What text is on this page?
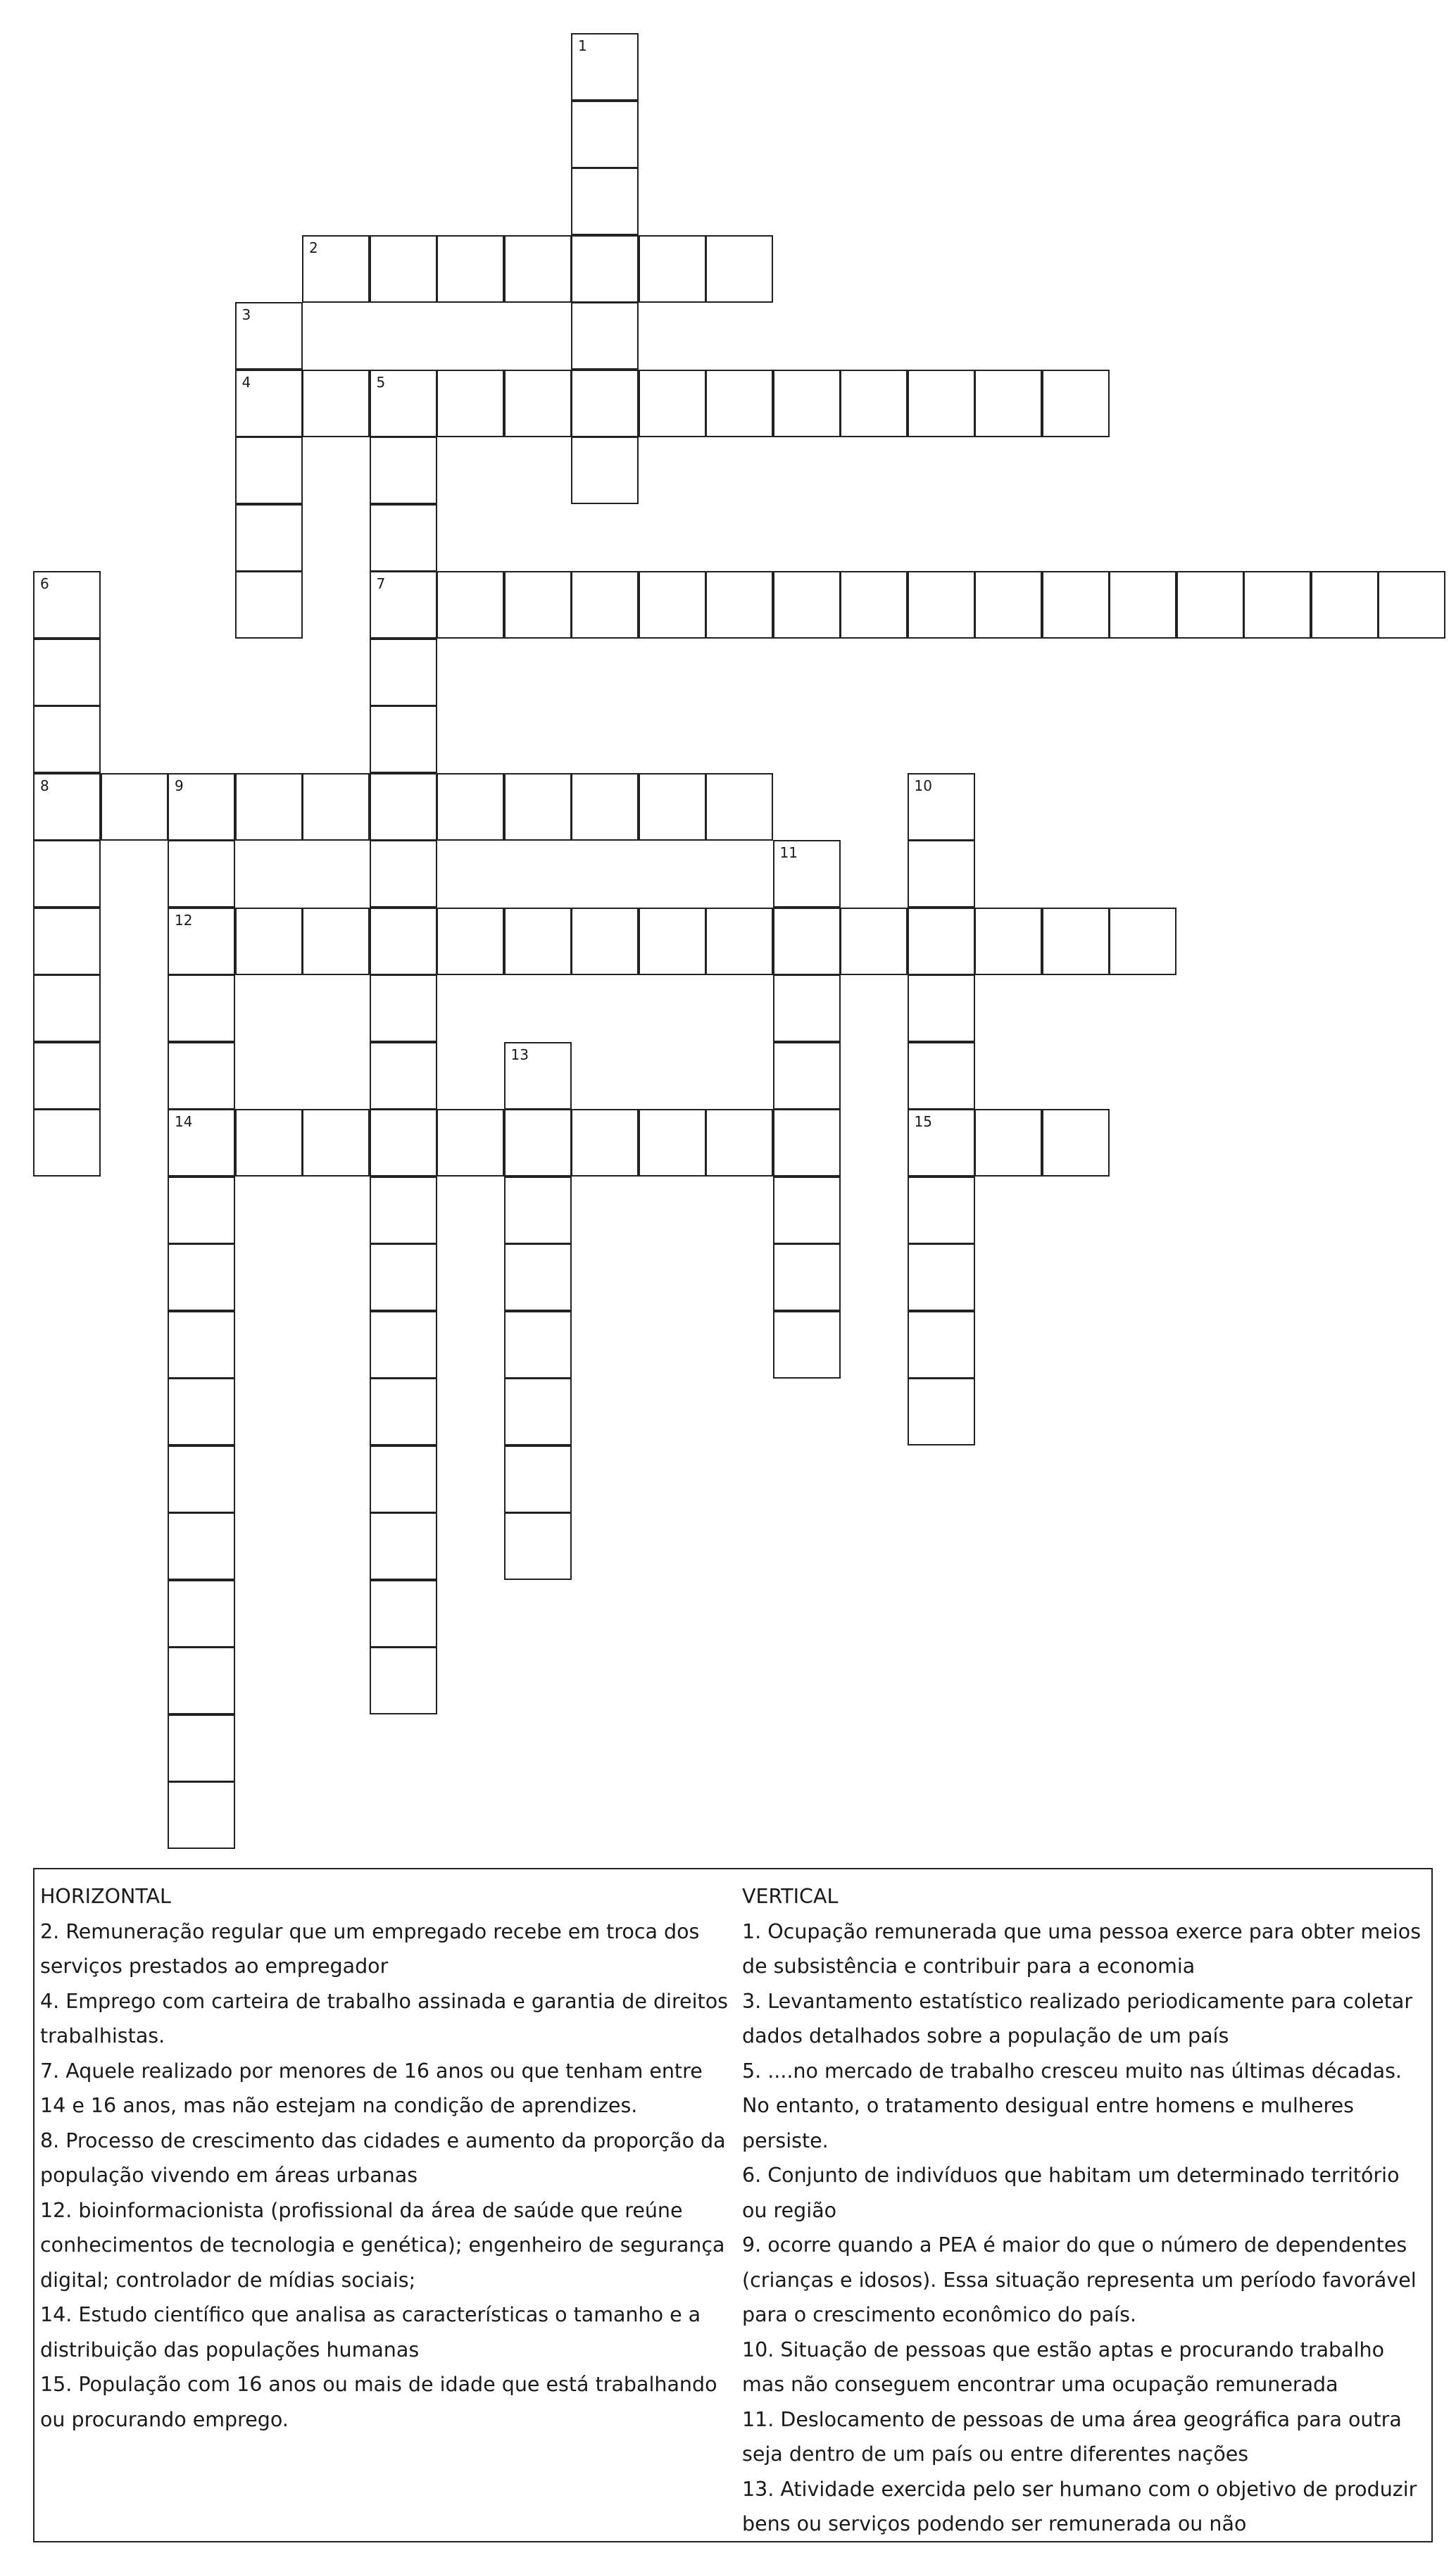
1
2
3
4	5
7
6
8	9
12
14
10
15
11
13
HORIZONTAL
2. Remuneração regular que um empregado recebe em troca dos serviços prestados ao empregador
4. Emprego com carteira de trabalho assinada e garantia de direitos trabalhistas.
7. Aquele realizado por menores de 16 anos ou que tenham entre 14 e 16 anos, mas não estejam na condição de aprendizes.
8. Processo de crescimento das cidades e aumento da proporção da população vivendo em áreas urbanas
12. bioinformacionista (profissional da área de saúde que reúne conhecimentos de tecnologia e genética); engenheiro de segurança digital; controlador de mídias sociais;
14. Estudo científico que analisa as características o tamanho e a distribuição das populações humanas
15. População com 16 anos ou mais de idade que está trabalhando ou procurando emprego.
VERTICAL
1. Ocupação remunerada que uma pessoa exerce para obter meios de subsistência e contribuir para a economia
3. Levantamento estatístico realizado periodicamente para coletar dados detalhados sobre a população de um país
5. ....no mercado de trabalho cresceu muito nas últimas décadas. No entanto, o tratamento desigual entre homens e mulheres persiste.
6. Conjunto de indivíduos que habitam um determinado território ou região
9. ocorre quando a PEA é maior do que o número de dependentes (crianças e idosos). Essa situação representa um período favorável para o crescimento econômico do país.
10. Situação de pessoas que estão aptas e procurando trabalho mas não conseguem encontrar uma ocupação remunerada
11. Deslocamento de pessoas de uma área geográfica para outra seja dentro de um país ou entre diferentes nações
13. Atividade exercida pelo ser humano com o objetivo de produzir bens ou serviços podendo ser remunerada ou não
